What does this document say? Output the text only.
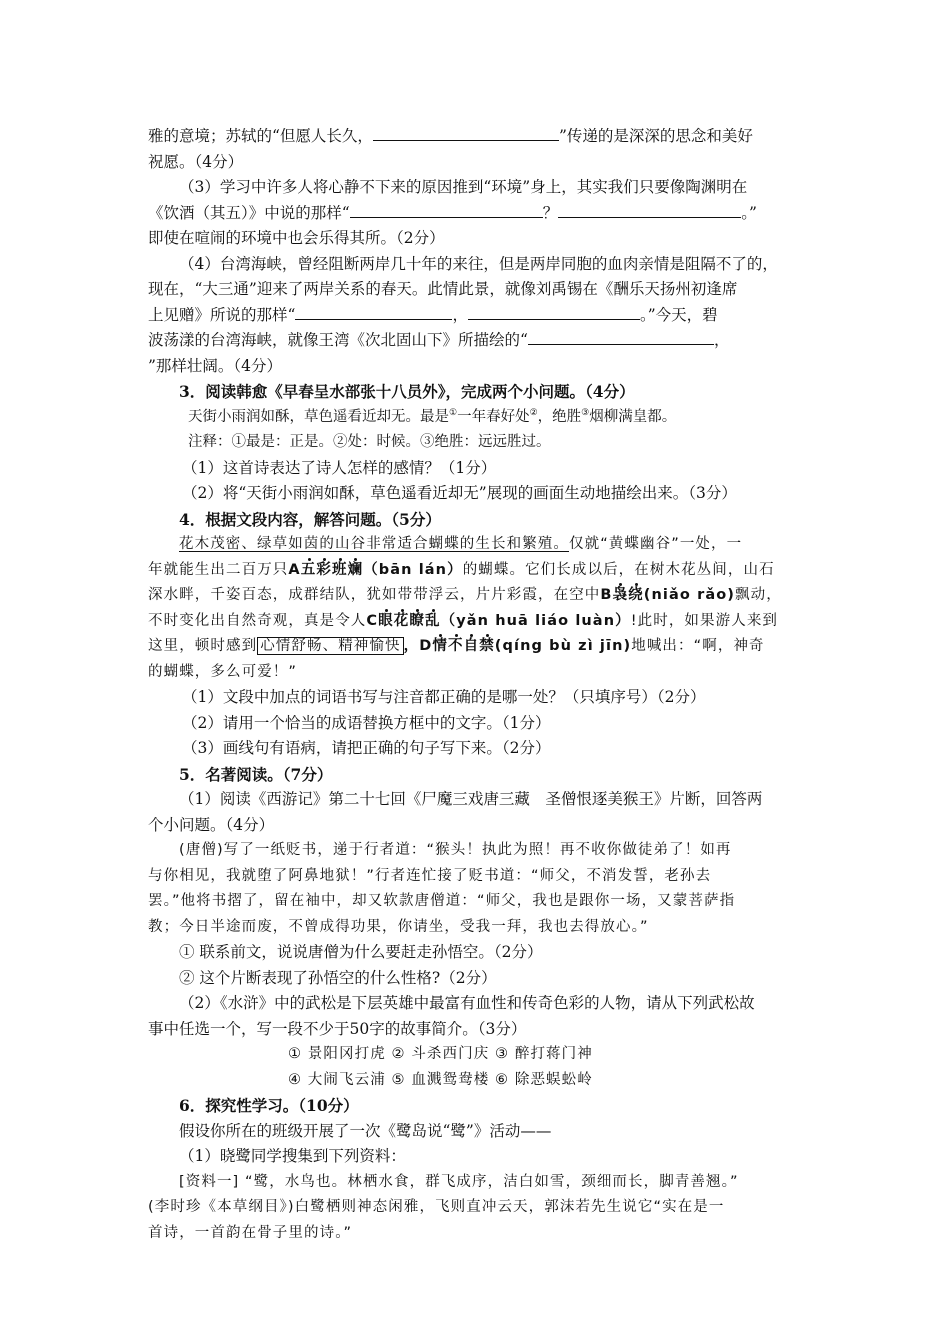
雅的意境；苏轼的“但愿人长久，	”传递的是深深的思念和美好
祝愿。（4分）
（3）学习中许多人将心静不下来的原因推到“环境”身上，其实我们只要像陶渊明在
《饮酒（其五）》中说的那样“	？	。”
即使在喧闹的环境中也会乐得其所。（2分）
（4）台湾海峡，曾经阻断两岸几十年的来往，但是两岸同胞的血肉亲情是阻隔不了的，
现在，“大三通”迎来了两岸关系的春天。此情此景，就像刘禹锡在《酬乐天扬州初逢席
上见赠》所说的那样“	，	。”今天，碧
波荡漾的台湾海峡，就像王湾《次北固山下》所描绘的“	，
”那样壮阔。（4分）
3．阅读韩愈《早春呈水部张十八员外》，完成两个小问题。（4分）
天街小雨润如酥，草色遥看近却无。最是①一年春好处②，绝胜③烟柳满皇都。
注释：①最是：正是。②处：时候。③绝胜：远远胜过。
（1）这首诗表达了诗人怎样的感情？（1分）
（2）将“天街小雨润如酥，草色遥看近却无”展现的画面生动地描绘出来。（3分）
4．根据文段内容，解答问题。（5分）
花木茂密、绿草如茵的山谷非常适合蝴蝶的生长和繁殖。仅就“黄蝶幽谷”一处，一
年就能生出二百万只A五彩班斓（bān lán）的蝴蝶。它们长成以后，在树木花丛间，山石
深水畔，千姿百态，成群结队，犹如带带浮云，片片彩霞，在空中B袅绕(niǎo rǎo)飘动，
不时变化出自然奇观，真是令人C眼花瞭乱（yǎn huā liáo luàn）!此时，如果游人来到
这里，顿时感到 心情舒畅、精神愉快 ，D情不自禁(qíng bù zì jīn)地喊出：“啊，神奇
的蝴蝶，多么可爱！”
（1）文段中加点的词语书写与注音都正确的是哪一处？（只填序号）（2分）
（2）请用一个恰当的成语替换方框中的文字。（1分）
（3）画线句有语病，请把正确的句子写下来。（2分）
5．名著阅读。（7分）
（1）阅读《西游记》第二十七回《尸魔三戏唐三藏　圣僧恨逐美猴王》片断，回答两
个小问题。（4分）
(唐僧)写了一纸贬书，递于行者道：“猴头！执此为照！再不收你做徒弟了！如再
与你相见，我就堕了阿鼻地狱！”行者连忙接了贬书道：“师父，不消发誓，老孙去
罢。”他将书摺了，留在袖中，却又软款唐僧道：“师父，我也是跟你一场，又蒙菩萨指
教；今日半途而废，不曾成得功果，你请坐，受我一拜，我也去得放心。”
① 联系前文，说说唐僧为什么要赶走孙悟空。（2分）
② 这个片断表现了孙悟空的什么性格?（2分）
（2）《水浒》中的武松是下层英雄中最富有血性和传奇色彩的人物，请从下列武松故
事中任选一个，写一段不少于50字的故事简介。（3分）
① 景阳冈打虎 ② 斗杀西门庆 ③ 醉打蒋门神
④ 大闹飞云浦 ⑤ 血溅鸳鸯楼 ⑥ 除恶蜈蚣岭
6．探究性学习。（10分）
假设你所在的班级开展了一次《鹭岛说“鹭”》活动——
（1）晓鹭同学搜集到下列资料：
[资料一] “鹭，水鸟也。林栖水食，群飞成序，洁白如雪，颈细而长，脚青善翘。”
(李时珍《本草纲目》)白鹭栖则神态闲雅，飞则直冲云天，郭沫若先生说它“实在是一
首诗，一首韵在骨子里的诗。”
